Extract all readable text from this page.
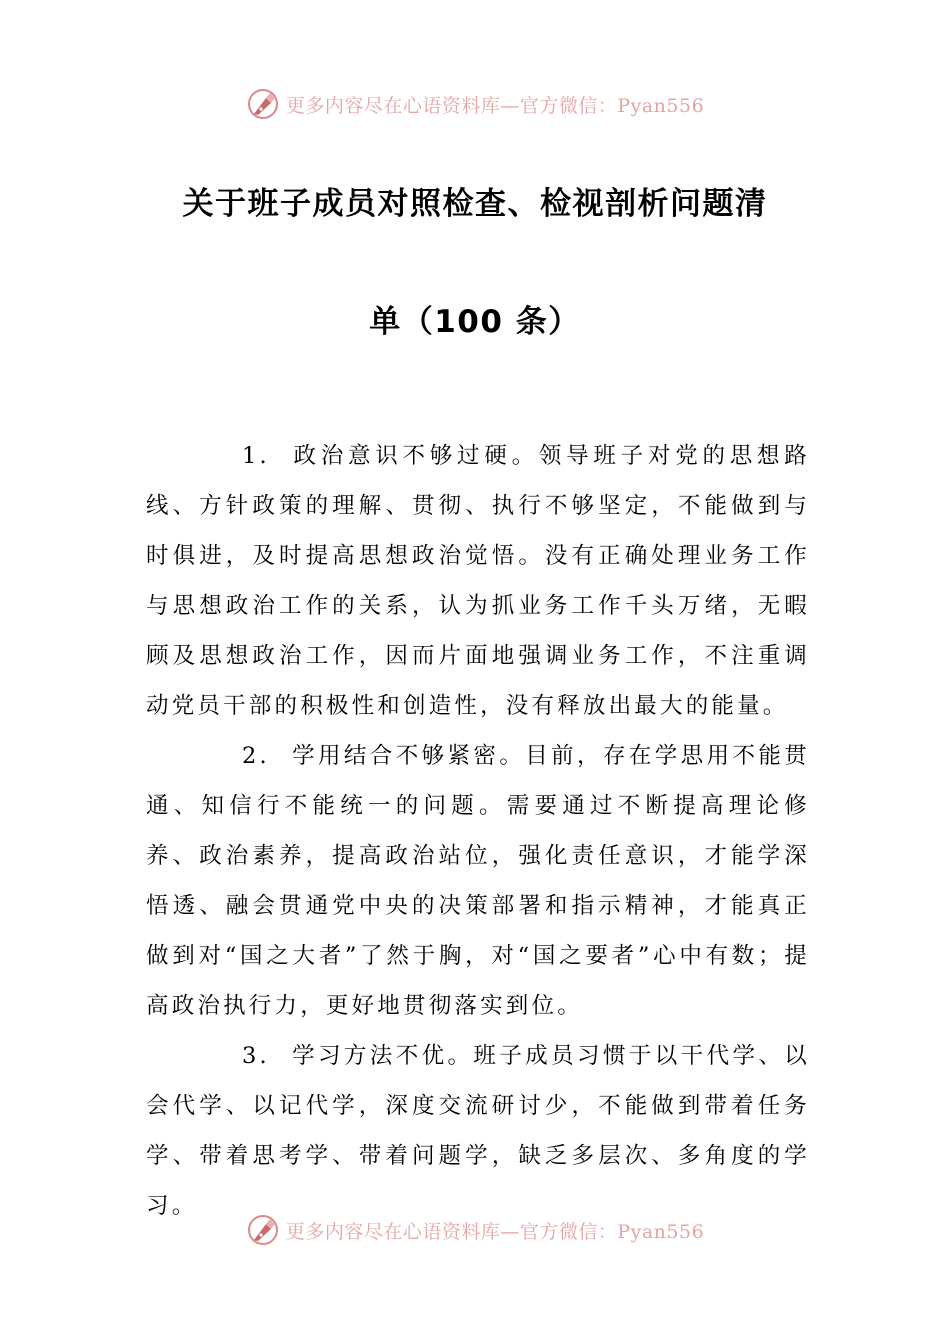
更多内容尽在心语资料库—官方微信：Pyan556
关于班子成员对照检查、检视剖析问题清
单（100 条）

1. 政治意识不够过硬。领导班子对党的思想路线、方针政策的理解、贯彻、执行不够坚定，不能做到与时俱进，及时提高思想政治觉悟。没有正确处理业务工作与思想政治工作的关系，认为抓业务工作千头万绪，无暇顾及思想政治工作，因而片面地强调业务工作，不注重调动党员干部的积极性和创造性，没有释放出最大的能量。

2. 学用结合不够紧密。目前，存在学思用不能贯通、知信行不能统一的问题。需要通过不断提高理论修养、政治素养，提高政治站位，强化责任意识，才能学深悟透、融会贯通党中央的决策部署和指示精神，才能真正做到对“国之大者”了然于胸，对“国之要者”心中有数；提高政治执行力，更好地贯彻落实到位。

3. 学习方法不优。班子成员习惯于以干代学、以会代学、以记代学，深度交流研讨少，不能做到带着任务学、带着思考学、带着问题学，缺乏多层次、多角度的学习。

更多内容尽在心语资料库—官方微信：Pyan556
